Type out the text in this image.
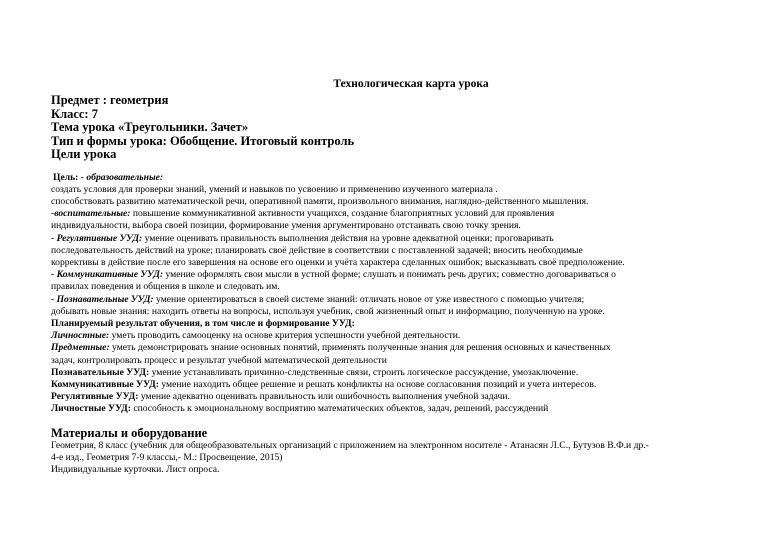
Технологическая карта урока
Предмет : геометрия
Класс: 7
Тема урока «Треугольники. Зачет»
Тип и формы урока: Обобщение. Итоговый контроль
Цели урока
Цель: - образовательные:
создать условия для проверки знаний, умений и навыков по усвоению и применению изученного материала .
способствовать развитию математической речи, оперативной памяти, произвольного внимания, наглядно-действенного мышления.
-воспитательные: повышение коммуникативной активности учащихся, создание благоприятных условий для проявления
индивидуальности, выбора своей позиции, формирование умения аргументировано отстаивать свою точку зрения.
- Регулятивные УУД: умение оценивать правильность выполнения действия на уровне адекватной оценки; проговаривать
последовательность действий на уроке; планировать своё действие в соответствии с поставленной задачей; вносить необходимые
коррективы в действие после его завершения на основе его оценки и учёта характера сделанных ошибок; высказывать своё предположение.
- Коммуникативные УУД: умение оформлять свои мысли в устной форме; слушать и понимать речь других; совместно договариваться о
правилах поведения и общения в школе и следовать им.
- Познавательные УУД: умение ориентироваться в своей системе знаний: отличать новое от уже известного с помощью учителя;
добывать новые знания: находить ответы на вопросы, используя учебник, свой жизненный опыт и информацию, полученную на уроке.
Планируемый результат обучения, в том числе и формирование УУД:
Личностные: уметь проводить самооценку на основе критерия успешности учебной деятельности.
Предметные: уметь демонстрировать знание основных понятий, применять полученные знания для решения основных и качественных
задач, контролировать процесс и результат учебной математической деятельности
Познавательные УУД: умение устанавливать причинно-следственные связи, строить логическое рассуждение, умозаключение.
Коммуникативные УУД: умение находить общее решение и решать конфликты на основе согласования позиций и учета интересов.
Регулятивные УУД: умение адекватно оценивать правильность или ошибочность выполнения учебной задачи.
Личностные УУД: способность к эмоциональному восприятию математических объектов, задач, решений, рассуждений
Материалы и оборудование
Геометрия, 8 класс (учебник для общеобразовательных организаций с приложением на электронном носителе - Атанасян Л.С., Бутузов В.Ф.и др.-
4-е изд., Геометрия 7-9 классы,- М.: Просвещение, 2015)
Индивидуальные курточки. Лист опроса.
